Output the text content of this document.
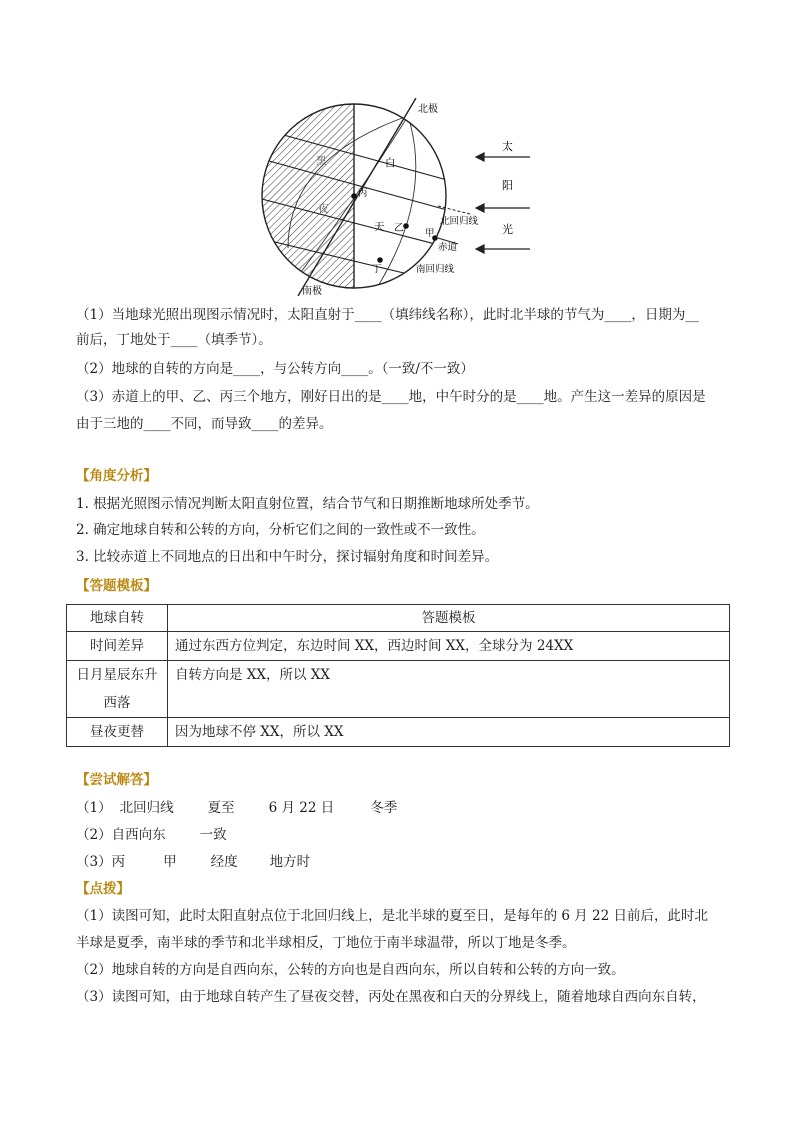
北极
南极
白
丙
天 乙 甲
丁
黑
夜
北回归线
赤道
南回归线
太
阳
光
（1）当地球光照出现图示情况时，太阳直射于____（填纬线名称），此时北半球的节气为____，日期为__
前后，丁地处于____（填季节）。
（2）地球的自转的方向是____，与公转方向____。（一致/不一致）
（3）赤道上的甲、乙、丙三个地方，刚好日出的是____地，中午时分的是____地。产生这一差异的原因是
由于三地的____不同，而导致____的差异。
【角度分析】
1. 根据光照图示情况判断太阳直射位置，结合节气和日期推断地球所处季节。
2. 确定地球自转和公转的方向，分析它们之间的一致性或不一致性。
3. 比较赤道上不同地点的日出和中午时分，探讨辐射角度和时间差异。
【答题模板】
地球自转	答题模板
时间差异	通过东西方位判定，东边时间 XX，西边时间 XX，全球分为 24XX

日月星辰东升
西落	自转方向是 XX，所以 XX
昼夜更替	因为地球不停 XX，所以 XX
【尝试解答】
（1） 北回归线	夏至	6 月 22 日	冬季
（2）自西向东	一致
（3）丙	甲	经度 地方时
【点拨】
（1）读图可知，此时太阳直射点位于北回归线上，是北半球的夏至日，是每年的 6 月 22 日前后，此时北
半球是夏季，南半球的季节和北半球相反，丁地位于南半球温带，所以丁地是冬季。
（2）地球自转的方向是自西向东，公转的方向也是自西向东，所以自转和公转的方向一致。
（3）读图可知，由于地球自转产生了昼夜交替，丙处在黑夜和白天的分界线上，随着地球自西向东自转，
